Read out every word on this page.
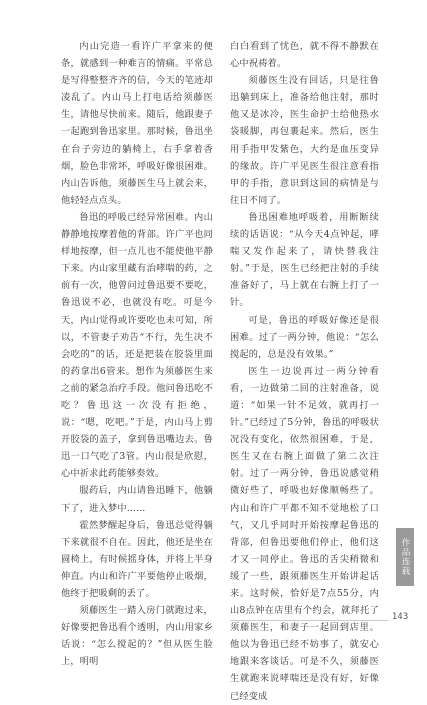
内山完造一看许广平拿来的便条，就感到一种难言的情痛。平常总是写得整整齐齐的信，今天的笔迹却凌乱了。内山马上打电话给须藤医生，请他尽快前来。随后，他跟妻子一起跑到鲁迅家里。那时候，鲁迅坐在台子旁边的躺椅上，右手拿着香烟，脸色非常坏，呼吸好像很困难。内山告诉他，须藤医生马上就会来，他轻轻点点头。

鲁迅的呼吸已经异常困难。内山静静地按摩着他的背部。许广平也同样地按摩，但一点儿也不能使他平静下来。内山家里藏有治哮喘的药，之前有一次，他曾问过鲁迅要不要吃，鲁迅说不必，也就没有吃。可是今天，内山觉得或许要吃也未可知，所以，不管妻子劝告“不行，先生决不会吃的”的话，还是把装在胶袋里面的药拿出6管来。想作为须藤医生来之前的紧急治疗手段。他问鲁迅吃不吃？鲁迅这一次没有拒绝，说：“嗯，吃吧。”于是，内山马上剪开胶袋的盖子，拿到鲁迅嘴边去。鲁迅一口气吃了3管。内山很是欣慰，心中祈求此药能够奏效。

服药后，内山请鲁迅睡下，他躺下了，进入梦中……

霍然梦醒起身后，鲁迅总觉得躺下来就很不自在。因此，他还是坐在圆椅上，有时候摇身体，并将上半身伸直。内山和许广平要他停止吸烟，他终于把吸剩的丢了。

须藤医生一踏入房门就跑过来，好像要把鲁迅看个透明，内山用家乡话说：“怎么搅起的？”但从医生脸上，明明

白白看到了忧色，就不得不静默在心中祝祷着。

须藤医生没有回话，只是往鲁迅躺到床上，准备给他注射，那时他又是冰冷，医生命护士给他热水袋暖脚，再包裹起来。然后，医生用手指甲发紫色，大约是血压变异的缘故。许广平见医生很注意看指甲的手指，意识到这回的病情是与往日不同了。

鲁迅困难地呼吸着，用断断续续的话语说：“从今天4点钟起，哮喘又发作起来了，请快替我注射。”于是，医生已经把注射的手续准备好了，马上就在右腕上打了一针。

可是，鲁迅的呼吸好像还是很困难。过了一两分钟，他说：“怎么搅起的，总是没有效果。”

医生一边说再过一两分钟看看，一边做第二回的注射准备，说道：“如果一针不足效，就再打一针。”已经过了5分钟，鲁迅的呼吸状况没有变化，依然很困难，于是，医生又在右腕上面做了第二次注射。过了一两分钟，鲁迅说感觉稍微好些了，呼吸也好像顺畅些了。内山和许广平都不知不觉地松了口气，又几乎同时开始按摩起鲁迅的背部，但鲁迅要他们停止，他们这才又一同停止。鲁迅的舌尖稍微和缓了一些，跟须藤医生开始讲起话来。这时候，恰好是7点55分，内山8点钟在店里有个约会，就拜托了须藤医生，和妻子一起回到店里。他以为鲁迅已经不妨事了，就安心地跟来客谈话。可是不久，须藤医生就跑来说哮喘还是没有好，好像已经变成

作品连载
143
